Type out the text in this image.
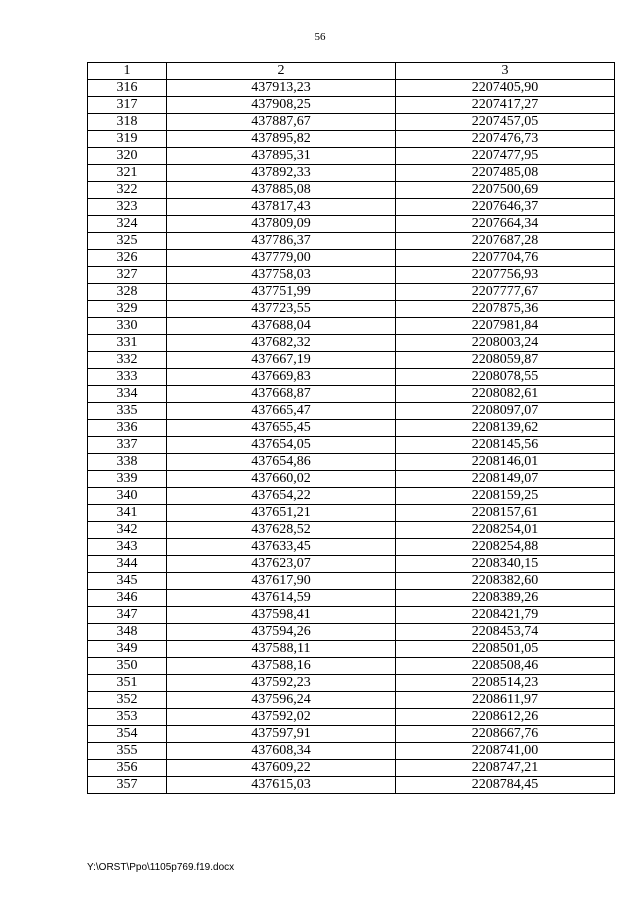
56
1	2	3
316	437913,23	2207405,90
317	437908,25	2207417,27
318	437887,67	2207457,05
319	437895,82	2207476,73
320	437895,31	2207477,95
321	437892,33	2207485,08
322	437885,08	2207500,69
323	437817,43	2207646,37
324	437809,09	2207664,34
325	437786,37	2207687,28
326	437779,00	2207704,76
327	437758,03	2207756,93
328	437751,99	2207777,67
329	437723,55	2207875,36
330	437688,04	2207981,84
331	437682,32	2208003,24
332	437667,19	2208059,87
333	437669,83	2208078,55
334	437668,87	2208082,61
335	437665,47	2208097,07
336	437655,45	2208139,62
337	437654,05	2208145,56
338	437654,86	2208146,01
339	437660,02	2208149,07
340	437654,22	2208159,25
341	437651,21	2208157,61
342	437628,52	2208254,01
343	437633,45	2208254,88
344	437623,07	2208340,15
345	437617,90	2208382,60
346	437614,59	2208389,26
347	437598,41	2208421,79
348	437594,26	2208453,74
349	437588,11	2208501,05
350	437588,16	2208508,46
351	437592,23	2208514,23
352	437596,24	2208611,97
353	437592,02	2208612,26
354	437597,91	2208667,76
355	437608,34	2208741,00
356	437609,22	2208747,21
357	437615,03	2208784,45
Y:\ORST\Ppo\1105p769.f19.docx
